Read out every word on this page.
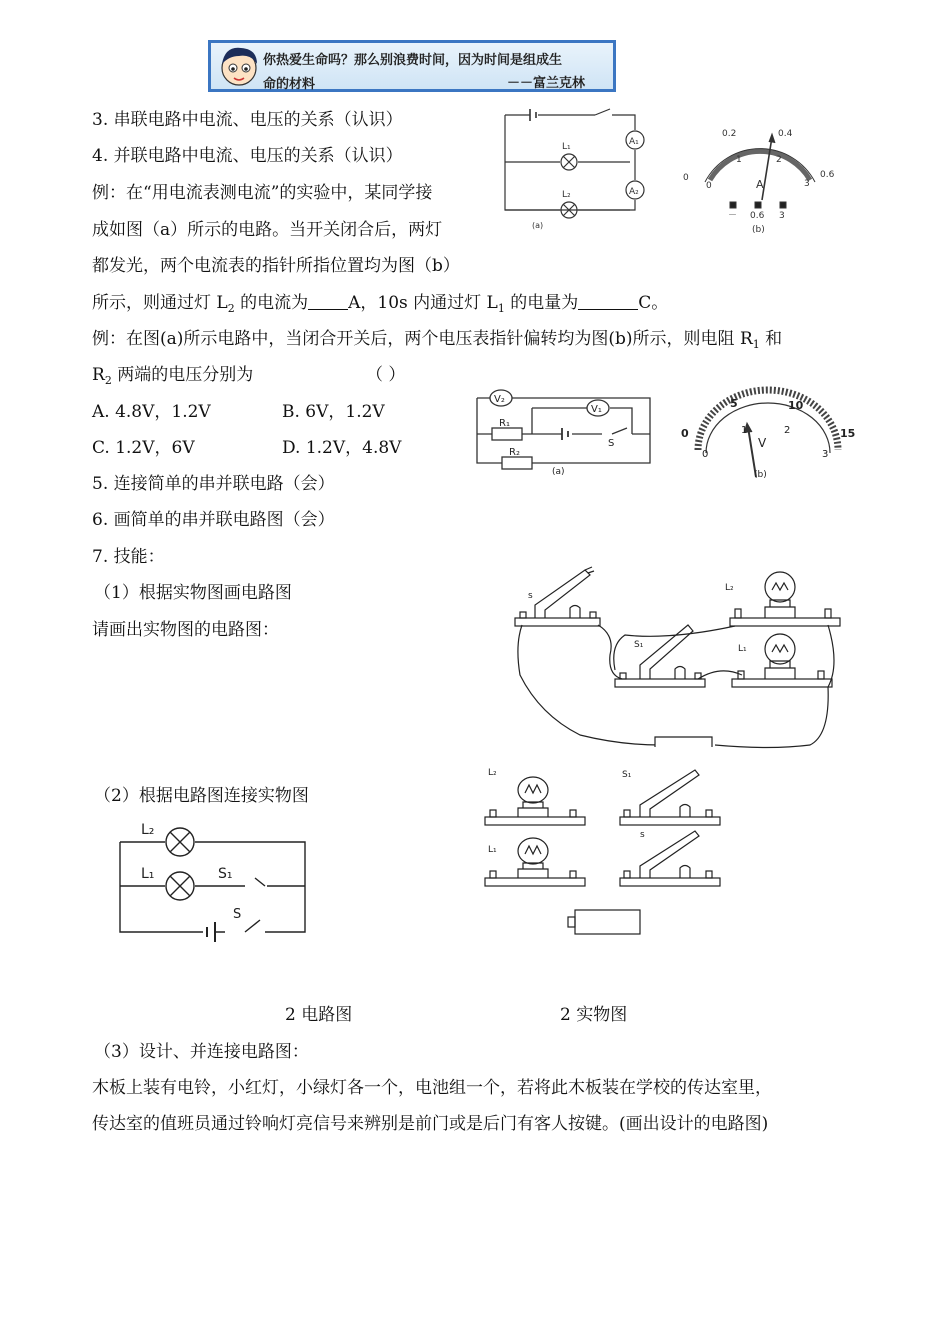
你热爱生命吗？那么别浪费时间，因为时间是组成生
命的材料	－－富兰克林
3. 串联电路中电流、电压的关系（认识）
4. 并联电路中电流、电压的关系（认识）
例：在“用电流表测电流”的实验中，某同学接
成如图（a）所示的电路。当开关闭合后，两灯
都发光，两个电流表的指针所指位置均为图（b）
所示，则通过灯 $L_2$ 的电流为 A，10s 内通过灯 $L_1$ 的电量为	C。
例：在图(a)所示电路中，当闭合开关后，两个电压表指针偏转均为图(b)所示，则电阻 $R_1$ 和
$R_2$ 两端的电压分别为	（ ）
A. 4.8V，1.2V	B. 6V，1.2V
C. 1.2V，6V	D. 1.2V，4.8V
5. 连接简单的串并联电路（会）
6. 画简单的串并联电路图（会）
7. 技能：
（1）根据实物图画电路图
请画出实物图的电路图：
（2）根据电路图连接实物图
2 电路图	2 实物图
（3）设计、并连接电路图：
木板上装有电铃，小红灯，小绿灯各一个，电池组一个，若将此木板装在学校的传达室里，
传达室的值班员通过铃响灯亮信号来辨别是前门或是后门有客人按键。(画出设计的电路图)
A₁
A₂
L₁
L₂
(a)
0
0.2	0.4
0.6
0
1	2
3
A
－ 0.6 3
(b)
V₂
V₁
R₁
R₂
S
(a)
0
5	10
15
0
1	2
3
V
(b)
s
L₂
S₁	L₁
L₂
L₁	S₁
S
L₂	S₁
L₁
s
